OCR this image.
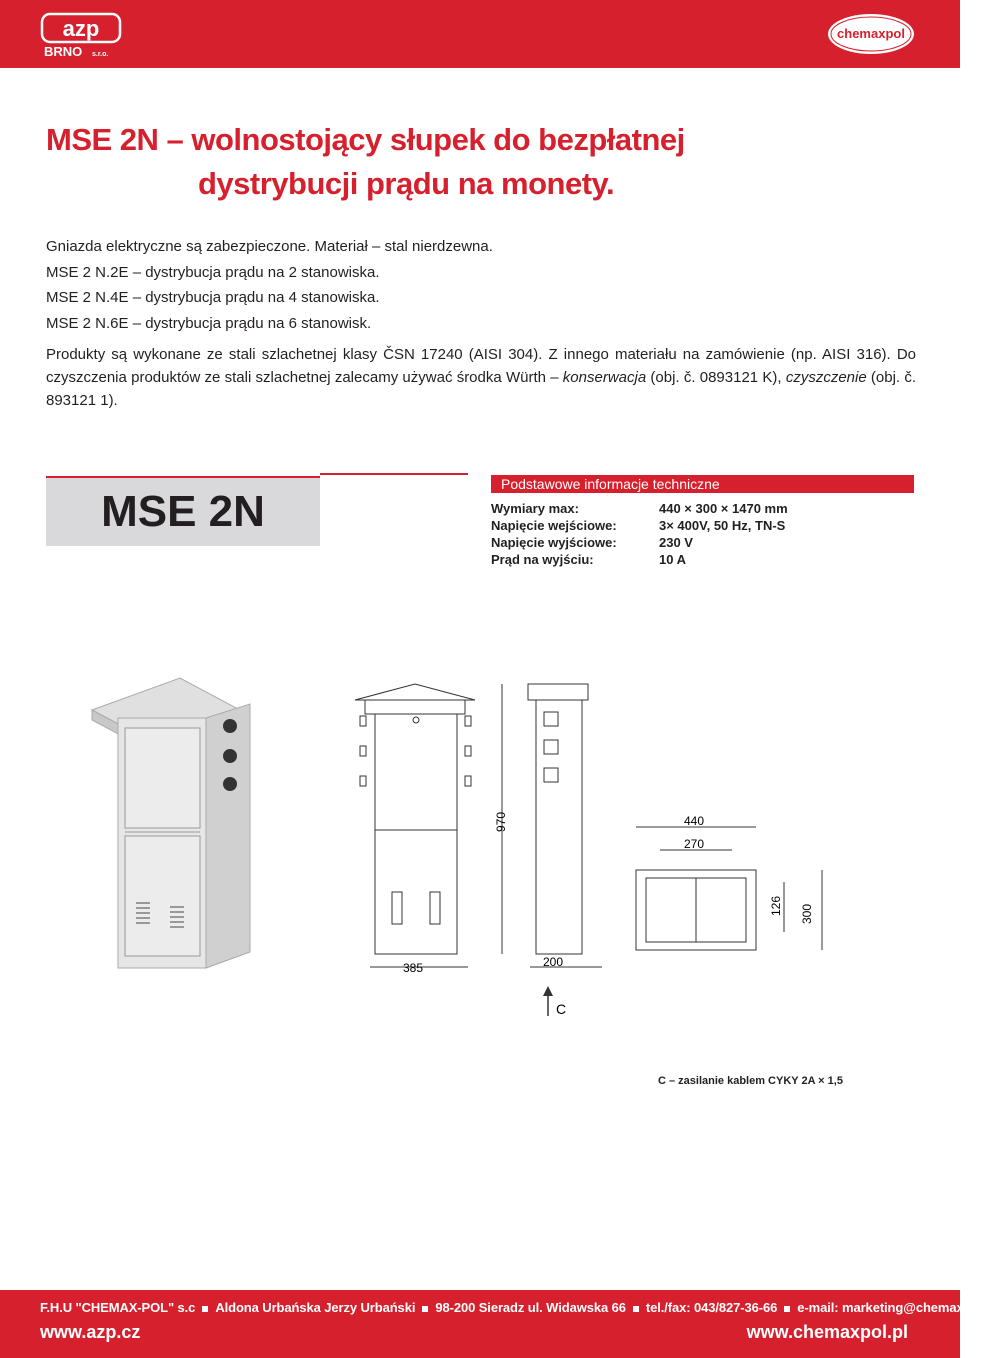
azp
BRNO s.r.o.
chemaxpol
MSE 2N – wolnostojący słupek do bezpłatnej
dystrybucji prądu na monety.
Gniazda elektryczne są zabezpieczone. Materiał – stal nierdzewna.
MSE 2 N.2E – dystrybucja prądu na 2 stanowiska.
MSE 2 N.4E – dystrybucja prądu na 4 stanowiska.
MSE 2 N.6E – dystrybucja prądu na 6 stanowisk.
Produkty są wykonane ze stali szlachetnej klasy ČSN 17240 (AISI 304). Z innego materiału na zamówienie (np. AISI 316). Do czyszczenia produktów ze stali szlachetnej zalecamy używać środka Würth – konserwacja (obj. č. 0893121 K), czyszczenie (obj. č. 893121 1).
MSE 2N
Podstawowe informacje techniczne
Wymiary max:	440 × 300 × 1470 mm
Napięcie wejściowe:	3× 400V, 50 Hz, TN-S
Napięcie wyjściowe:	230 V
Prąd na wyjściu:	10 A
970
385	200
C
440
270
126 300
C – zasilanie kablem CYKY 2A × 1,5
F.H.U "CHEMAX-POL" s.c Aldona Urbańska Jerzy Urbański 98-200 Sieradz ul. Widawska 66 tel./fax: 043/827-36-66 e-mail: marketing@chemaxpol.pl
www.azp.cz	www.chemaxpol.pl
